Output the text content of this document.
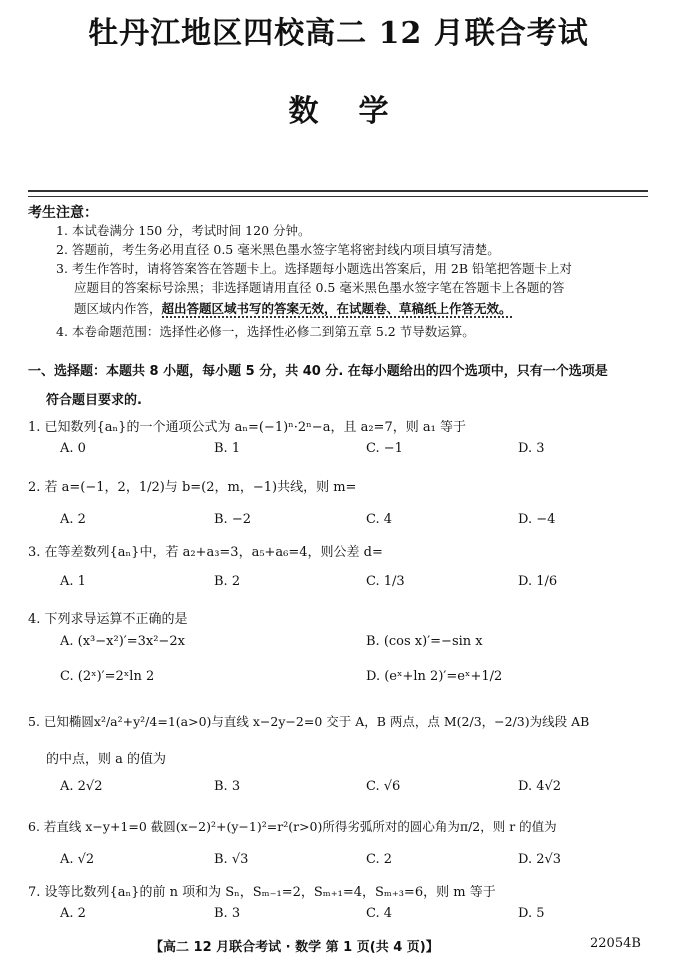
牡丹江地区四校高二 12 月联合考试
数学
考生注意：
1. 本试卷满分 150 分，考试时间 120 分钟。
2. 答题前，考生务必用直径 0.5 毫米黑色墨水签字笔将密封线内项目填写清楚。
3. 考生作答时，请将答案答在答题卡上。选择题每小题选出答案后，用 2B 铅笔把答题卡上对
应题目的答案标号涂黑；非选择题请用直径 0.5 毫米黑色墨水签字笔在答题卡上各题的答
题区域内作答，超出答题区域书写的答案无效，在试题卷、草稿纸上作答无效。
4. 本卷命题范围：选择性必修一，选择性必修二到第五章 5.2 节导数运算。
一、选择题：本题共 8 小题，每小题 5 分，共 40 分. 在每小题给出的四个选项中，只有一个选项是
符合题目要求的.
1. 已知数列{aₙ}的一个通项公式为 aₙ=(−1)ⁿ·2ⁿ−a，且 a₂=7，则 a₁ 等于
A. 0	B. 1	C. −1	D. 3
2. 若 a=(−1，2，1/2)与 b=(2，m，−1)共线，则 m=
A. 2	B. −2	C. 4	D. −4
3. 在等差数列{aₙ}中，若 a₂+a₃=3，a₅+a₆=4，则公差 d=
A. 1	B. 2	C. 1/3	D. 1/6
4. 下列求导运算不正确的是
A. (x³−x²)′=3x²−2x	B. (cos x)′=−sin x
C. (2ˣ)′=2ˣln 2	D. (eˣ+ln 2)′=eˣ+1/2
5. 已知椭圆x²/a²+y²/4=1(a>0)与直线 x−2y−2=0 交于 A，B 两点，点 M(2/3，−2/3)为线段 AB
的中点，则 a 的值为
A. 2√2	B. 3	C. √6	D. 4√2
6. 若直线 x−y+1=0 截圆(x−2)²+(y−1)²=r²(r>0)所得劣弧所对的圆心角为π/2，则 r 的值为
A. √2	B. √3	C. 2	D. 2√3
7. 设等比数列{aₙ}的前 n 项和为 Sₙ，Sₘ₋₁=2，Sₘ₊₁=4，Sₘ₊₃=6，则 m 等于
A. 2	B. 3	C. 4	D. 5
【高二 12 月联合考试 · 数学 第 1 页(共 4 页)】	22054B
